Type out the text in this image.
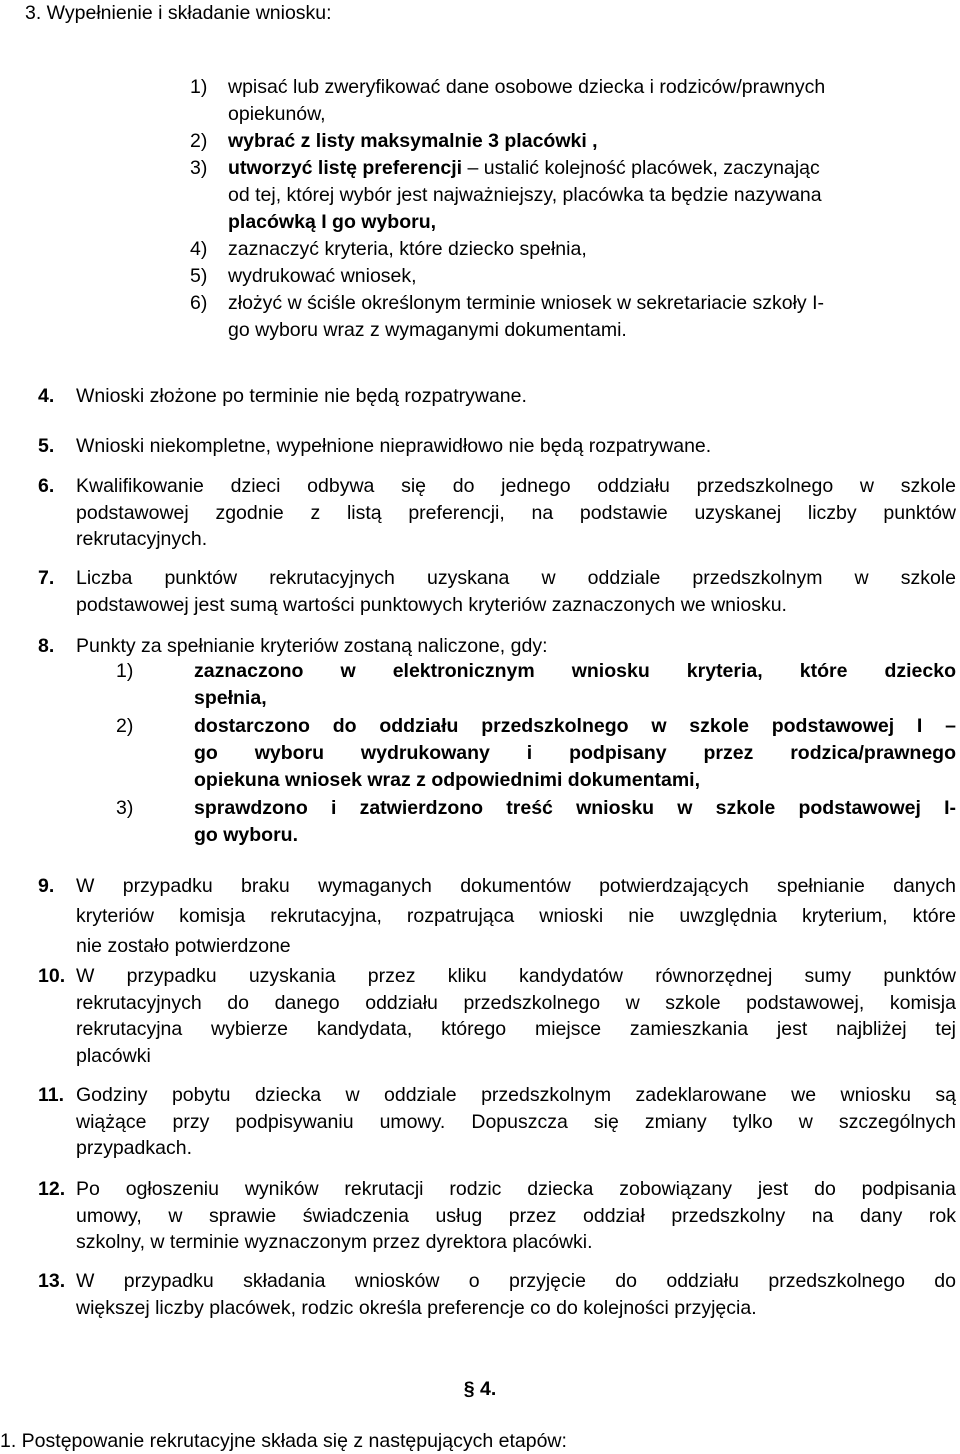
3. Wypełnienie i składanie wniosku:
1) wpisać lub zweryfikować dane osobowe dziecka i rodziców/prawnych
opiekunów,
2) wybrać z listy maksymalnie 3 placówki ,
3) utworzyć listę preferencji – ustalić kolejność placówek, zaczynając
od tej, której wybór jest najważniejszy, placówka ta będzie nazywana
placówką I go wyboru,
4) zaznaczyć kryteria, które dziecko spełnia,
5) wydrukować wniosek,
6) złożyć w ściśle określonym terminie wniosek w sekretariacie szkoły I-
go wyboru wraz z wymaganymi dokumentami.
4. Wnioski złożone po terminie nie będą rozpatrywane.
5. Wnioski niekompletne, wypełnione nieprawidłowo nie będą rozpatrywane.
6. Kwalifikowanie dzieci odbywa się do jednego oddziału przedszkolnego w szkole
podstawowej zgodnie z listą preferencji, na podstawie uzyskanej liczby punktów
rekrutacyjnych.
7. Liczba punktów rekrutacyjnych uzyskana w oddziale przedszkolnym w szkole
podstawowej jest sumą wartości punktowych kryteriów zaznaczonych we wniosku.
8. Punkty za spełnianie kryteriów zostaną naliczone, gdy:
1)	zaznaczono w elektronicznym wniosku kryteria, które dziecko
spełnia,
2)	dostarczono do oddziału przedszkolnego w szkole podstawowej I –
go wyboru wydrukowany i podpisany przez rodzica/prawnego
opiekuna wniosek wraz z odpowiednimi dokumentami,
3)	sprawdzono i zatwierdzono treść wniosku w szkole podstawowej I-
go wyboru.
9. W przypadku braku wymaganych dokumentów potwierdzających spełnianie danych
kryteriów komisja rekrutacyjna, rozpatrująca wnioski nie uwzględnia kryterium, które
nie zostało potwierdzone
10. W przypadku uzyskania przez kliku kandydatów równorzędnej sumy punktów
rekrutacyjnych do danego oddziału przedszkolnego w szkole podstawowej, komisja
rekrutacyjna wybierze kandydata, którego miejsce zamieszkania jest najbliżej tej
placówki
11. Godziny pobytu dziecka w oddziale przedszkolnym zadeklarowane we wniosku są
wiążące przy podpisywaniu umowy. Dopuszcza się zmiany tylko w szczególnych
przypadkach.
12. Po ogłoszeniu wyników rekrutacji rodzic dziecka zobowiązany jest do podpisania
umowy, w sprawie świadczenia usług przez oddział przedszkolny na dany rok
szkolny, w terminie wyznaczonym przez dyrektora placówki.
13. W przypadku składania wniosków o przyjęcie do oddziału przedszkolnego do
większej liczby placówek, rodzic określa preferencje co do kolejności przyjęcia.
§ 4.
1. Postępowanie rekrutacyjne składa się z następujących etapów:
